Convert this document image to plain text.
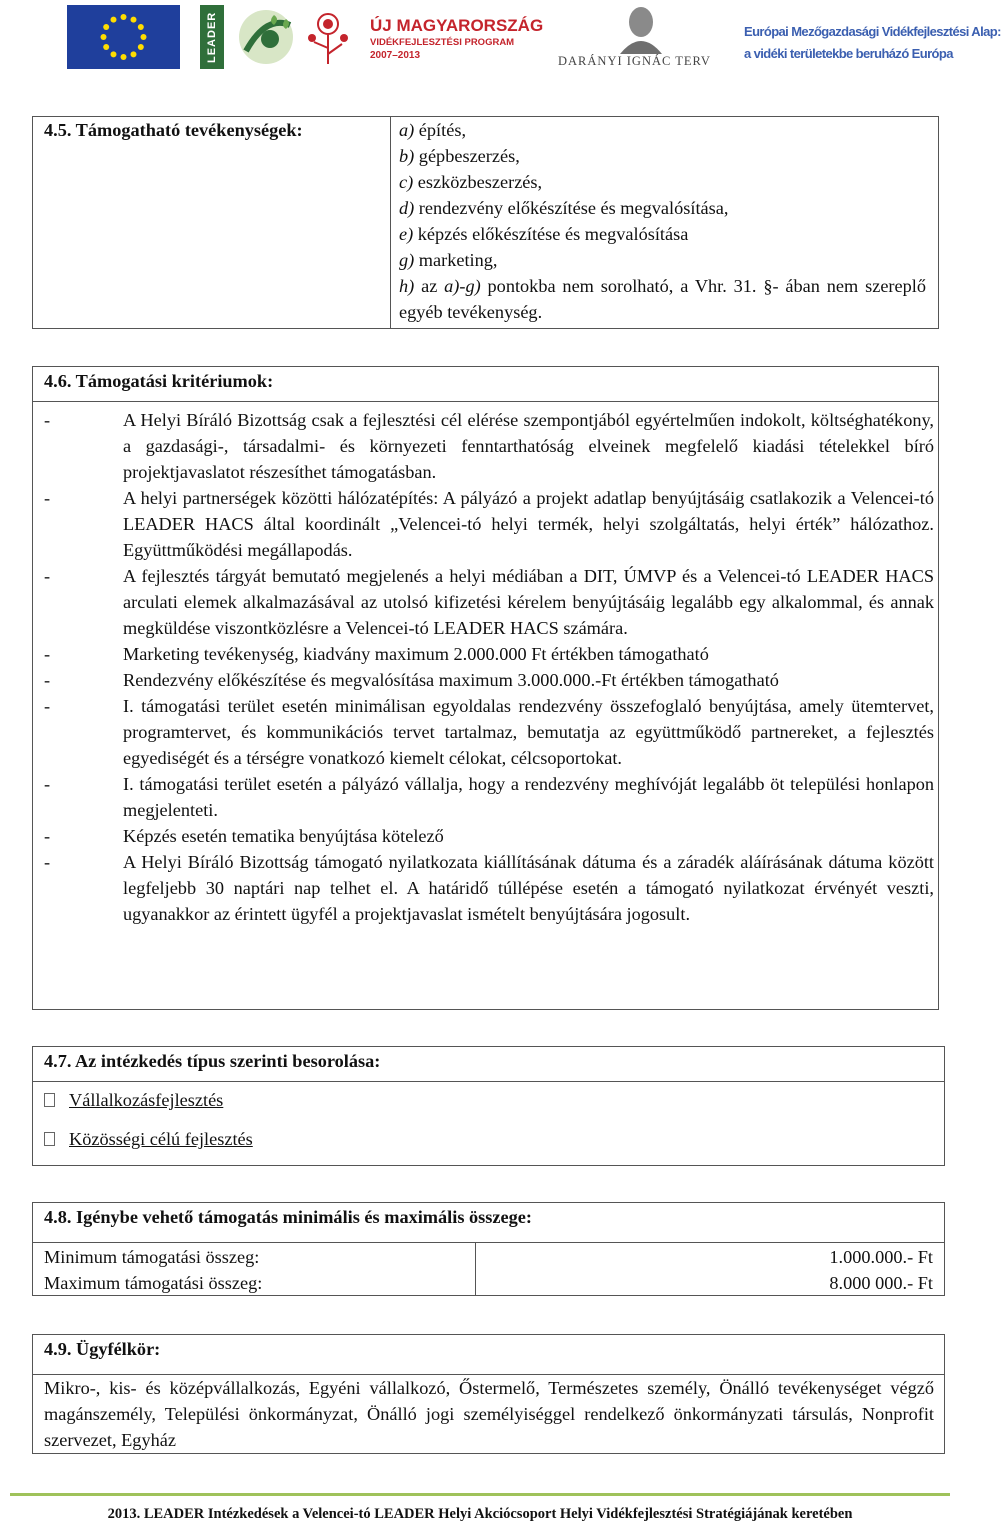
LEADER	ÚJ MAGYARORSZÁG
VIDÉKFEJLESZTÉSI PROGRAM
2007–2013	DARÁNYI IGNÁC TERV
Európai Mezőgazdasági Vidékfejlesztési Alap:
a vidéki területekbe beruházó Európa
4.5. Támogatható tevékenységek:	a) építés,
b) gépbeszerzés,
c) eszközbeszerzés,
d) rendezvény előkészítése és megvalósítása,
e) képzés előkészítése és megvalósítása
g) marketing,

h) az a)-g) pontokba nem sorolható, a Vhr. 31. §- ában nem szereplő egyéb tevékenység.

4.6. Támogatási kritériumok:
-	A Helyi Bíráló Bizottság csak a fejlesztési cél elérése szempontjából egyértelműen indokolt, költséghatékony, a gazdasági-, társadalmi- és környezeti fenntarthatóság elveinek megfelelő kiadási tételekkel bíró projektjavaslatot részesíthet támogatásban.
-	A helyi partnerségek közötti hálózatépítés: A pályázó a projekt adatlap benyújtásáig csatlakozik a Velencei-tó LEADER HACS által koordinált „Velencei-tó helyi termék, helyi szolgáltatás, helyi érték” hálózathoz. Együttműködési megállapodás.
-	A fejlesztés tárgyát bemutató megjelenés a helyi médiában a DIT, ÚMVP és a Velencei-tó LEADER HACS arculati elemek alkalmazásával az utolsó kifizetési kérelem benyújtásáig legalább egy alkalommal, és annak megküldése viszontközlésre a Velencei-tó LEADER HACS számára.
-	Marketing tevékenység, kiadvány maximum 2.000.000 Ft értékben támogatható
-	Rendezvény előkészítése és megvalósítása maximum 3.000.000.-Ft értékben támogatható
-	I. támogatási terület esetén minimálisan egyoldalas rendezvény összefoglaló benyújtása, amely ütemtervet, programtervet, és kommunikációs tervet tartalmaz, bemutatja az együttműködő partnereket, a fejlesztés egyediségét és a térségre vonatkozó kiemelt célokat, célcsoportokat.
-	I. támogatási terület esetén a pályázó vállalja, hogy a rendezvény meghívóját legalább öt települési honlapon megjelenteti.
-	Képzés esetén tematika benyújtása kötelező
-	A Helyi Bíráló Bizottság támogató nyilatkozata kiállításának dátuma és a záradék aláírásának dátuma között legfeljebb 30 naptári nap telhet el. A határidő túllépése esetén a támogató nyilatkozat érvényét veszti, ugyanakkor az érintett ügyfél a projektjavaslat ismételt benyújtására jogosult.
4.7. Az intézkedés típus szerinti besorolása:
Vállalkozásfejlesztés
Közösségi célú fejlesztés
4.8. Igénybe vehető támogatás minimális és maximális összege:
Minimum támogatási összeg:	1.000.000.- Ft
Maximum támogatási összeg:	8.000 000.- Ft
4.9. Ügyfélkör:
Mikro-, kis- és középvállalkozás, Egyéni vállalkozó, Őstermelő, Természetes személy, Önálló tevékenységet végző magánszemély, Települési önkormányzat, Önálló jogi személyiséggel rendelkező önkormányzati társulás, Nonprofit szervezet, Egyház
2013. LEADER Intézkedések a Velencei-tó LEADER Helyi Akciócsoport Helyi Vidékfejlesztési Stratégiájának keretében
